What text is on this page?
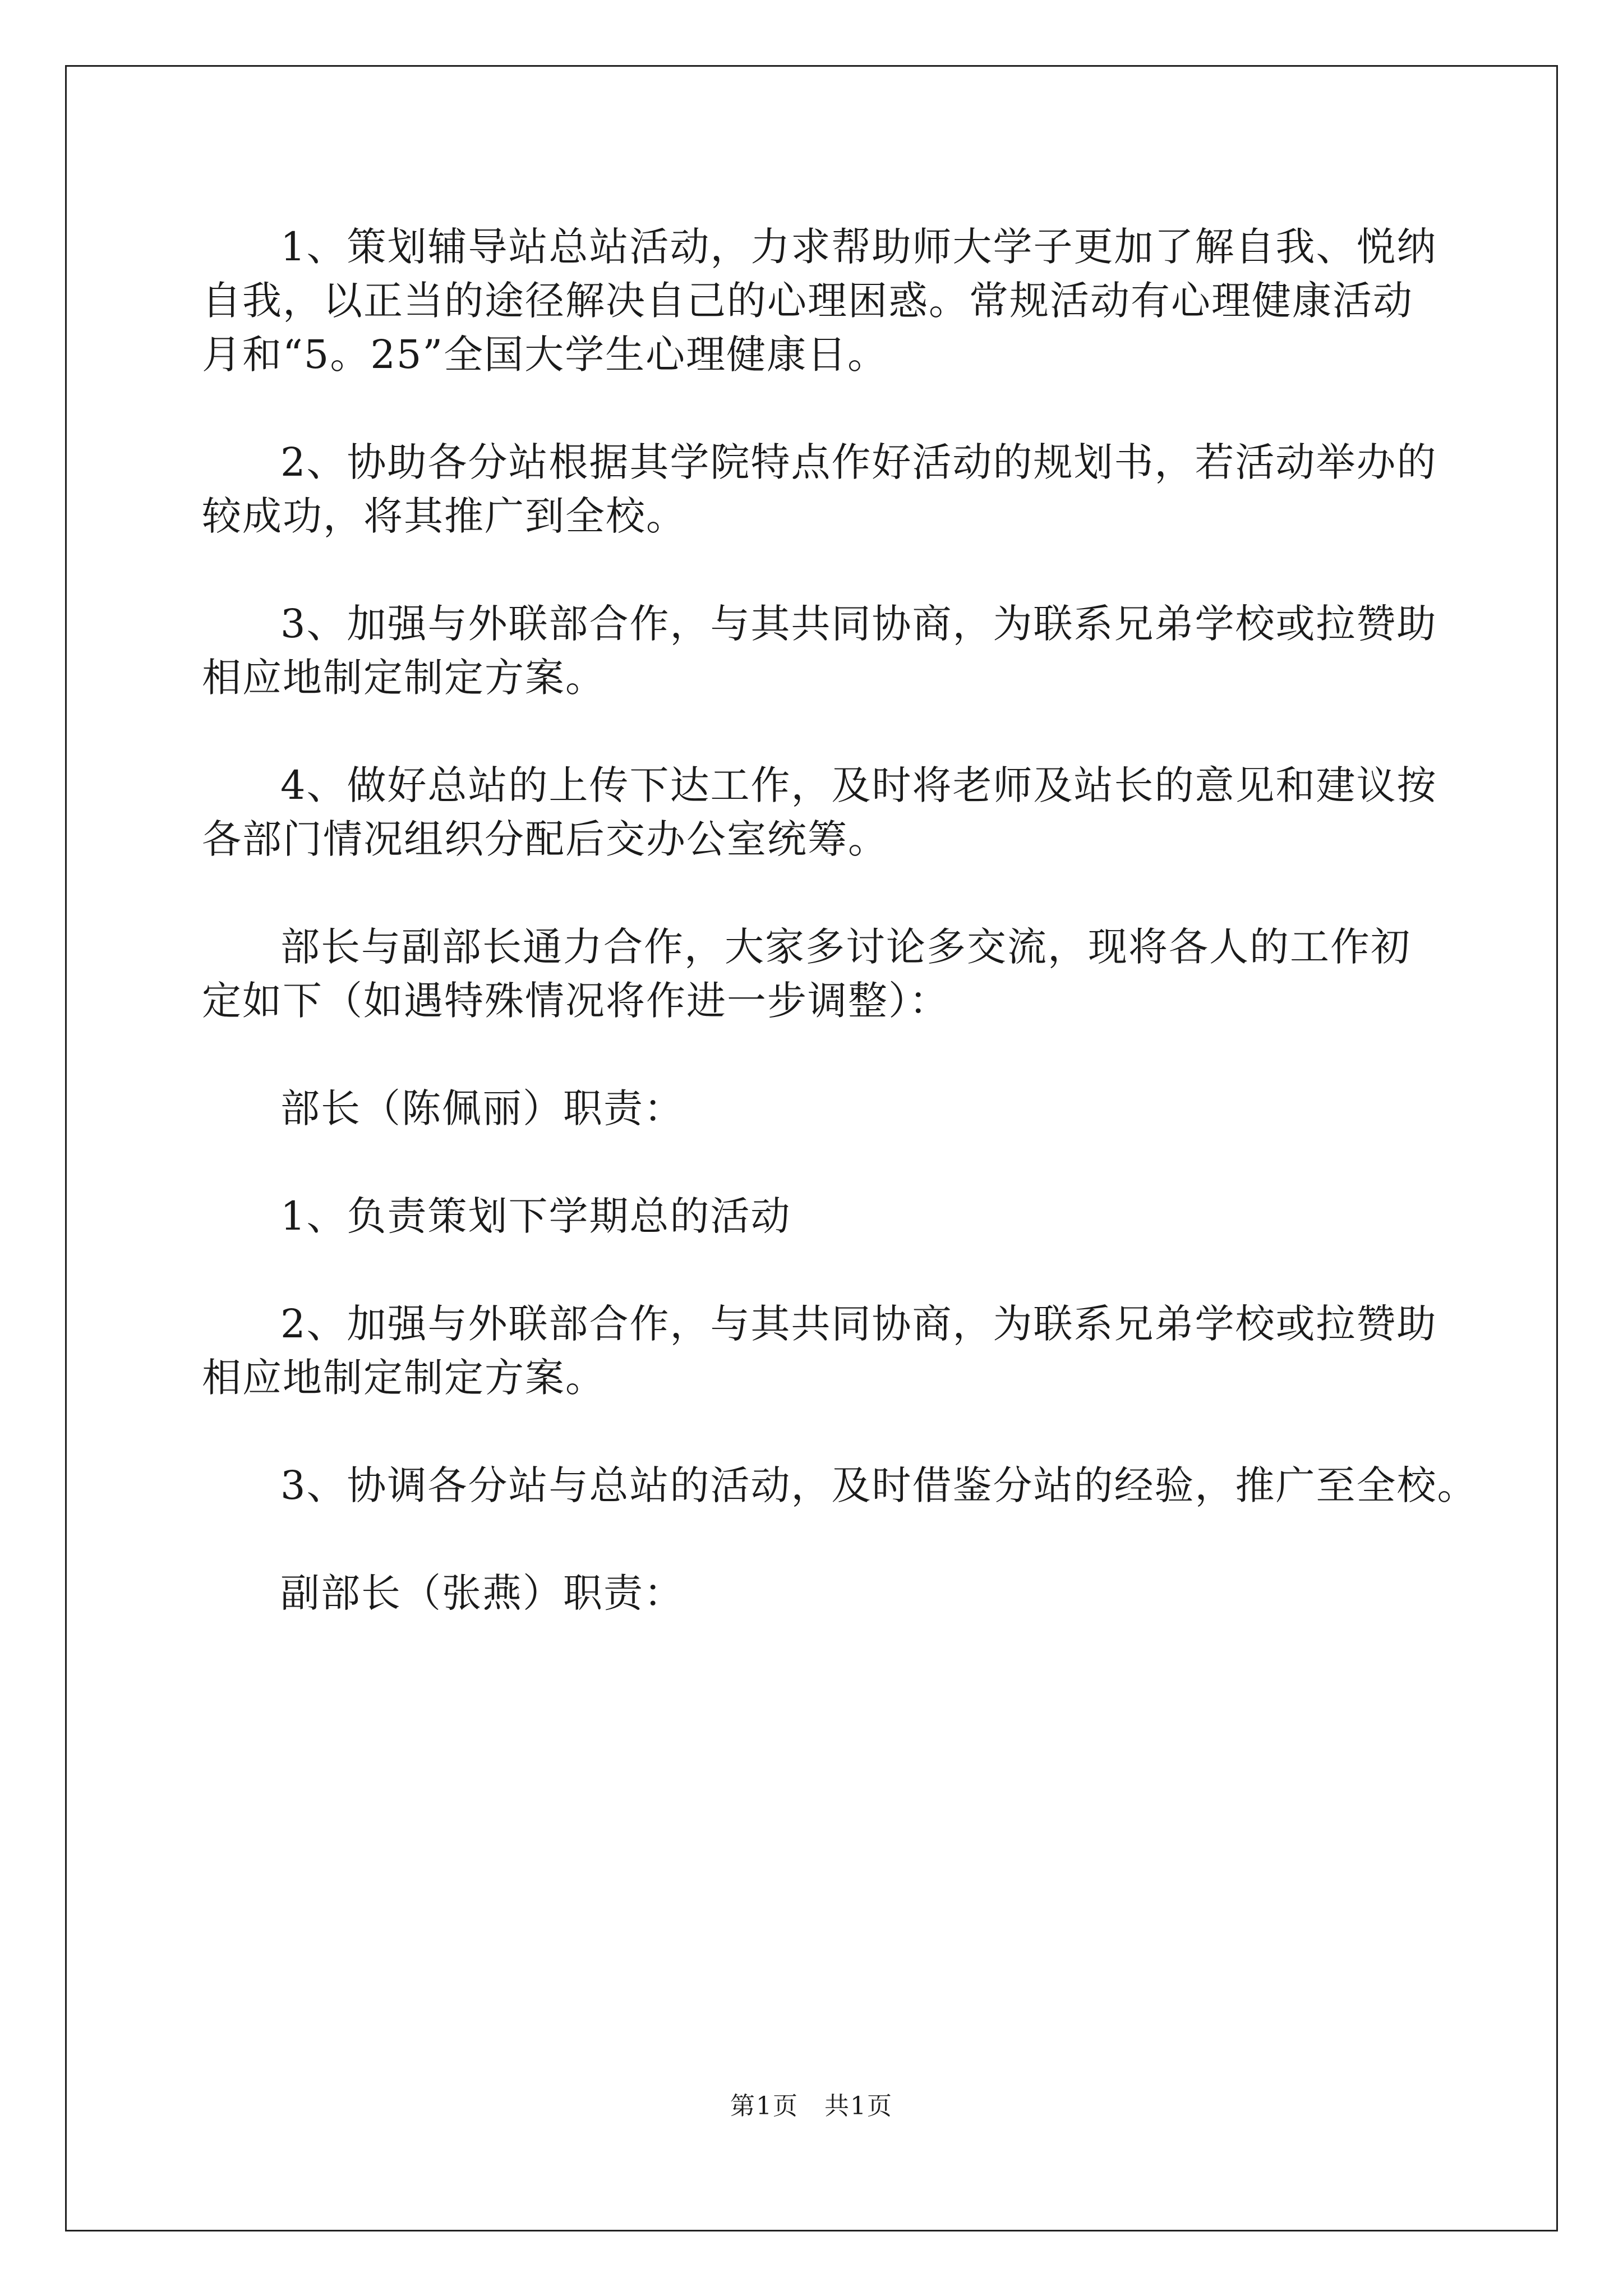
1、策划辅导站总站活动，力求帮助师大学子更加了解自我、悦纳

自我，以正当的途径解决自己的心理困惑。常规活动有心理健康活动

月和“5。25”全国大学生心理健康日。

2、协助各分站根据其学院特点作好活动的规划书，若活动举办的

较成功，将其推广到全校。

3、加强与外联部合作，与其共同协商，为联系兄弟学校或拉赞助

相应地制定制定方案。

4、做好总站的上传下达工作，及时将老师及站长的意见和建议按

各部门情况组织分配后交办公室统筹。

部长与副部长通力合作，大家多讨论多交流，现将各人的工作初

定如下（如遇特殊情况将作进一步调整）：

部长（陈佩丽）职责：

1、负责策划下学期总的活动

2、加强与外联部合作，与其共同协商，为联系兄弟学校或拉赞助

相应地制定制定方案。

3、协调各分站与总站的活动，及时借鉴分站的经验，推广至全校。

副部长（张燕）职责：

第1页　共1页
